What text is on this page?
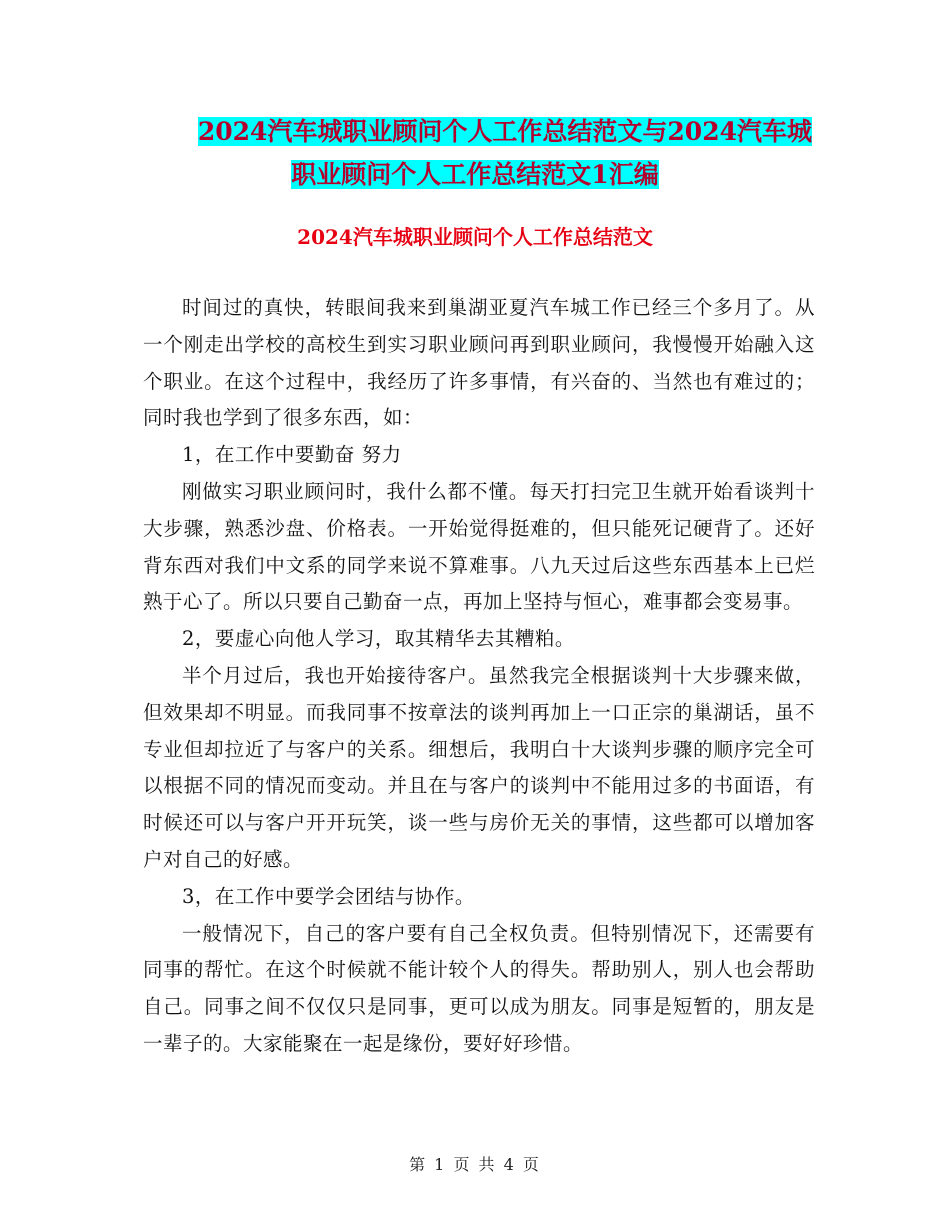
2024汽车城职业顾问个人工作总结范文与2024汽车城
职业顾问个人工作总结范文1汇编
2024汽车城职业顾问个人工作总结范文

时间过的真快，转眼间我来到巢湖亚夏汽车城工作已经三个多月了。从一个刚走出学校的高校生到实习职业顾问再到职业顾问，我慢慢开始融入这个职业。在这个过程中，我经历了许多事情，有兴奋的、当然也有难过的；同时我也学到了很多东西，如：

1，在工作中要勤奋 努力

刚做实习职业顾问时，我什么都不懂。每天打扫完卫生就开始看谈判十大步骤，熟悉沙盘、价格表。一开始觉得挺难的，但只能死记硬背了。还好背东西对我们中文系的同学来说不算难事。八九天过后这些东西基本上已烂熟于心了。所以只要自己勤奋一点，再加上坚持与恒心，难事都会变易事。

2，要虚心向他人学习，取其精华去其糟粕。

半个月过后，我也开始接待客户。虽然我完全根据谈判十大步骤来做，但效果却不明显。而我同事不按章法的谈判再加上一口正宗的巢湖话，虽不专业但却拉近了与客户的关系。细想后，我明白十大谈判步骤的顺序完全可以根据不同的情况而变动。并且在与客户的谈判中不能用过多的书面语，有时候还可以与客户开开玩笑，谈一些与房价无关的事情，这些都可以增加客户对自己的好感。

3，在工作中要学会团结与协作。

一般情况下，自己的客户要有自己全权负责。但特别情况下，还需要有同事的帮忙。在这个时候就不能计较个人的得失。帮助别人，别人也会帮助自己。同事之间不仅仅只是同事，更可以成为朋友。同事是短暂的，朋友是一辈子的。大家能聚在一起是缘份，要好好珍惜。

第 1 页 共 4 页
